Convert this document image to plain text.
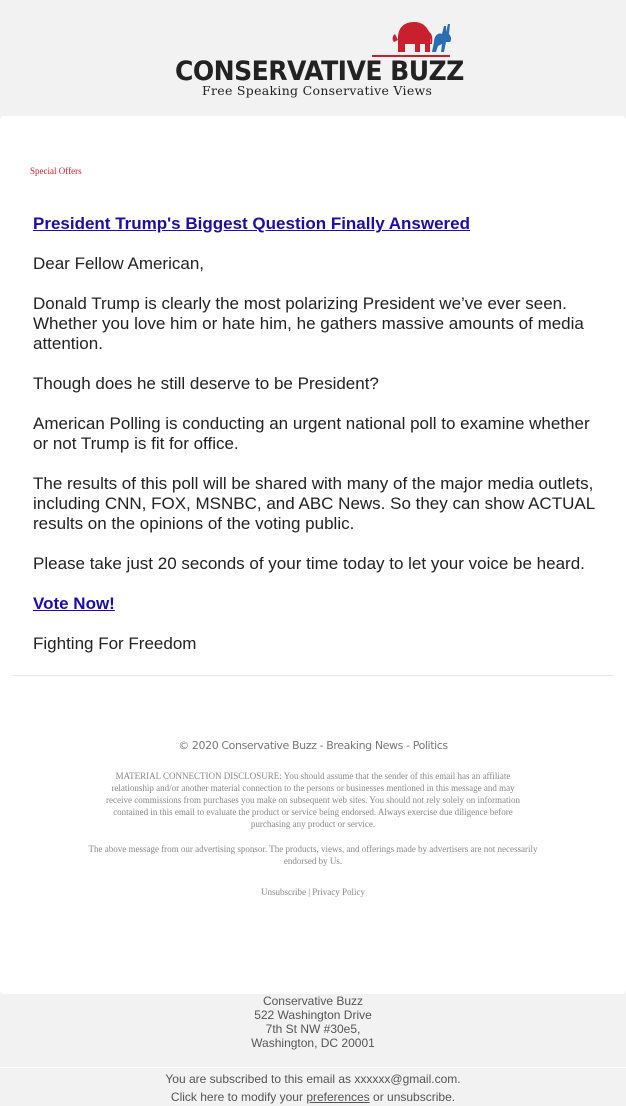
CONSERVATIVE BUZZ
Free Speaking Conservative Views
Special Offers

President Trump's Biggest Question Finally Answered

Dear Fellow American,

Donald Trump is clearly the most polarizing President we’ve ever seen. Whether you love him or hate him, he gathers massive amounts of media attention.

Though does he still deserve to be President?

American Polling is conducting an urgent national poll to examine whether or not Trump is fit for office.

The results of this poll will be shared with many of the major media outlets, including CNN, FOX, MSNBC, and ABC News. So they can show ACTUAL results on the opinions of the voting public.

Please take just 20 seconds of your time today to let your voice be heard.

Vote Now!

Fighting For Freedom

© 2020 Conservative Buzz - Breaking News - Politics
MATERIAL CONNECTION DISCLOSURE: You should assume that the sender of this email has an affiliate relationship and/or another material connection to the persons or businesses mentioned in this message and may receive commissions from purchases you make on subsequent web sites. You should not rely solely on information contained in this email to evaluate the product or service being endorsed. Always exercise due diligence before purchasing any product or service.
The above message from our advertising sponsor. The products, views, and offerings made by advertisers are not necessarily endorsed by Us.
Unsubscribe | Privacy Policy
Conservative Buzz
522 Washington Drive
7th St NW #30e5,
Washington, DC 20001
You are subscribed to this email as xxxxxx@gmail.com.
Click here to modify your preferences or unsubscribe.
